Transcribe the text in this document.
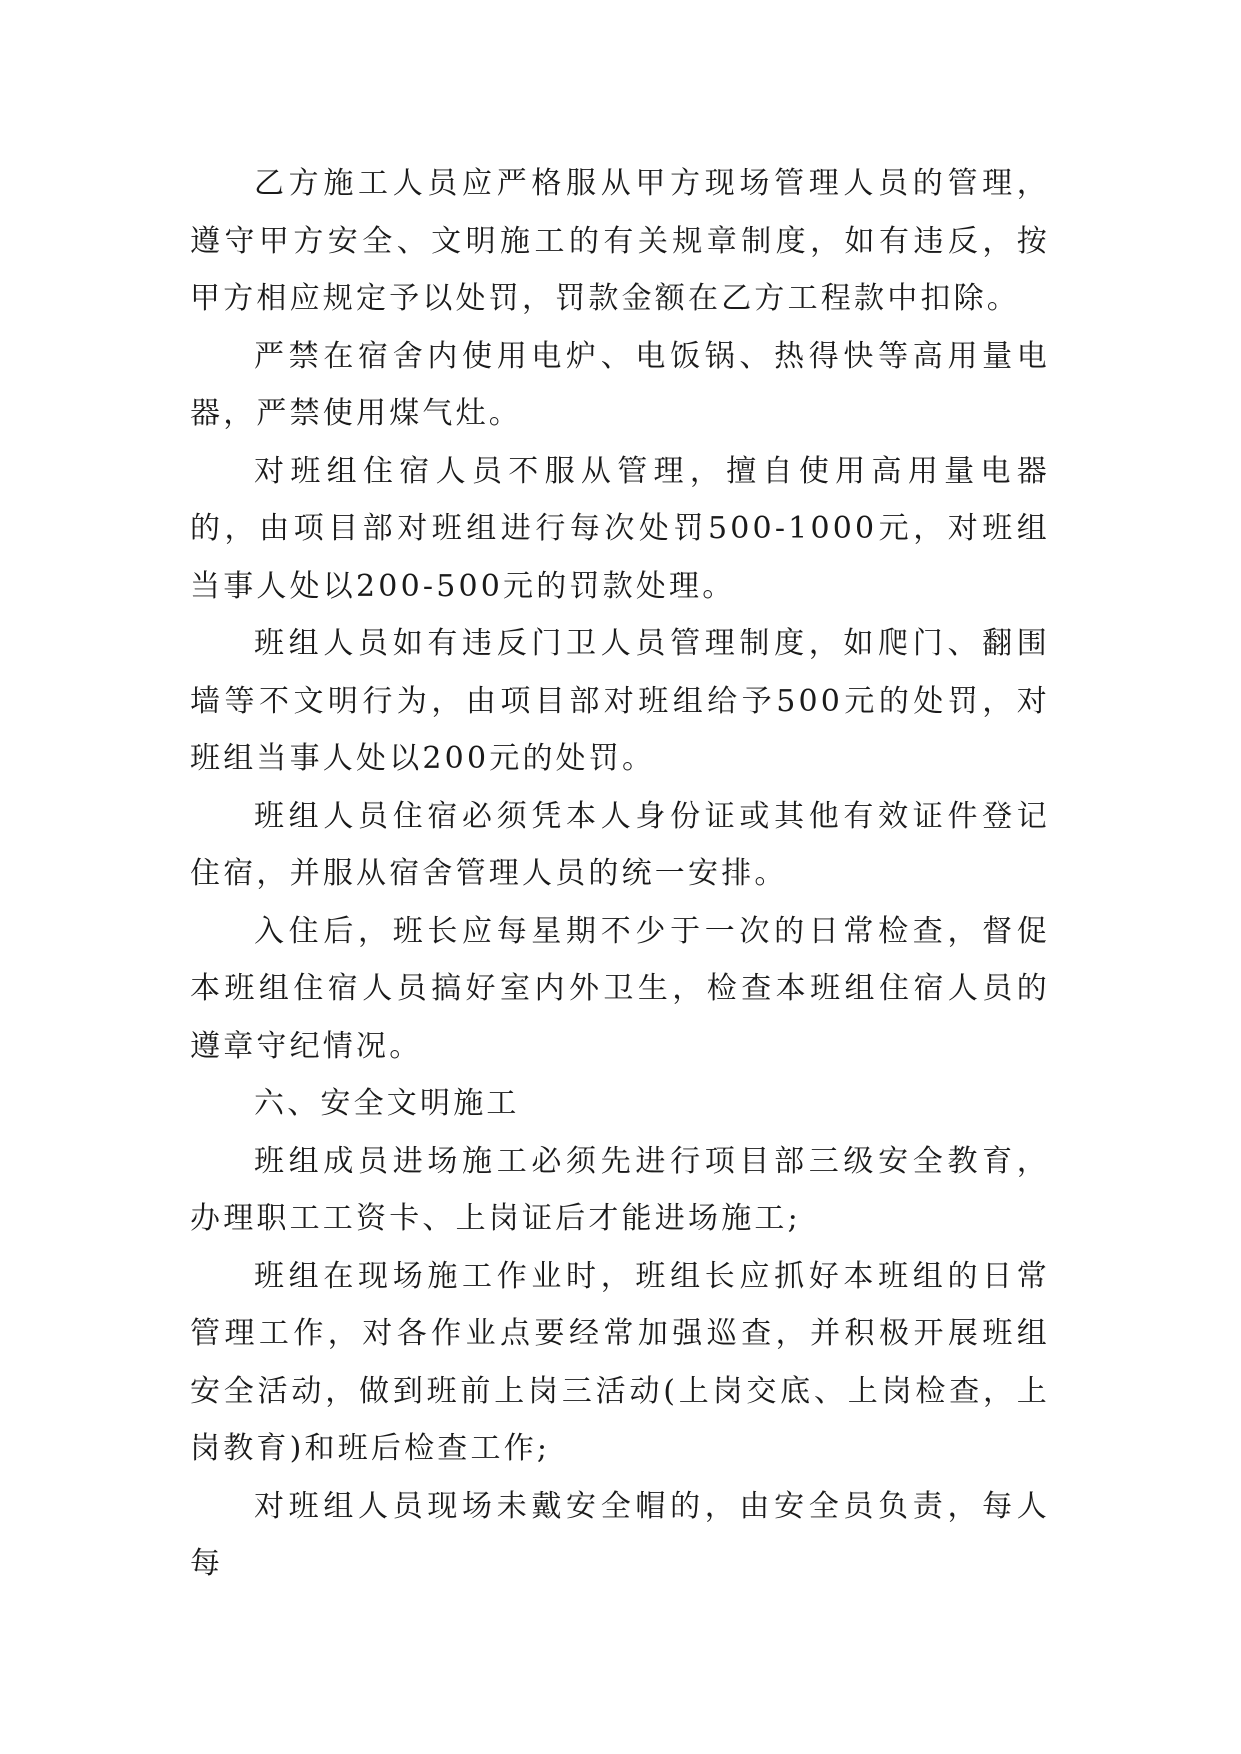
乙方施工人员应严格服从甲方现场管理人员的管理，遵守甲方安全、文明施工的有关规章制度，如有违反，按甲方相应规定予以处罚，罚款金额在乙方工程款中扣除。

严禁在宿舍内使用电炉、电饭锅、热得快等高用量电器，严禁使用煤气灶。

对班组住宿人员不服从管理，擅自使用高用量电器的，由项目部对班组进行每次处罚500-1000元，对班组当事人处以200-500元的罚款处理。

班组人员如有违反门卫人员管理制度，如爬门、翻围墙等不文明行为，由项目部对班组给予500元的处罚，对班组当事人处以200元的处罚。

班组人员住宿必须凭本人身份证或其他有效证件登记住宿，并服从宿舍管理人员的统一安排。

入住后，班长应每星期不少于一次的日常检查，督促本班组住宿人员搞好室内外卫生，检查本班组住宿人员的遵章守纪情况。

六、安全文明施工

班组成员进场施工必须先进行项目部三级安全教育，办理职工工资卡、上岗证后才能进场施工;

班组在现场施工作业时，班组长应抓好本班组的日常管理工作，对各作业点要经常加强巡查，并积极开展班组安全活动，做到班前上岗三活动(上岗交底、上岗检查，上岗教育)和班后检查工作;

对班组人员现场未戴安全帽的，由安全员负责，每人每
